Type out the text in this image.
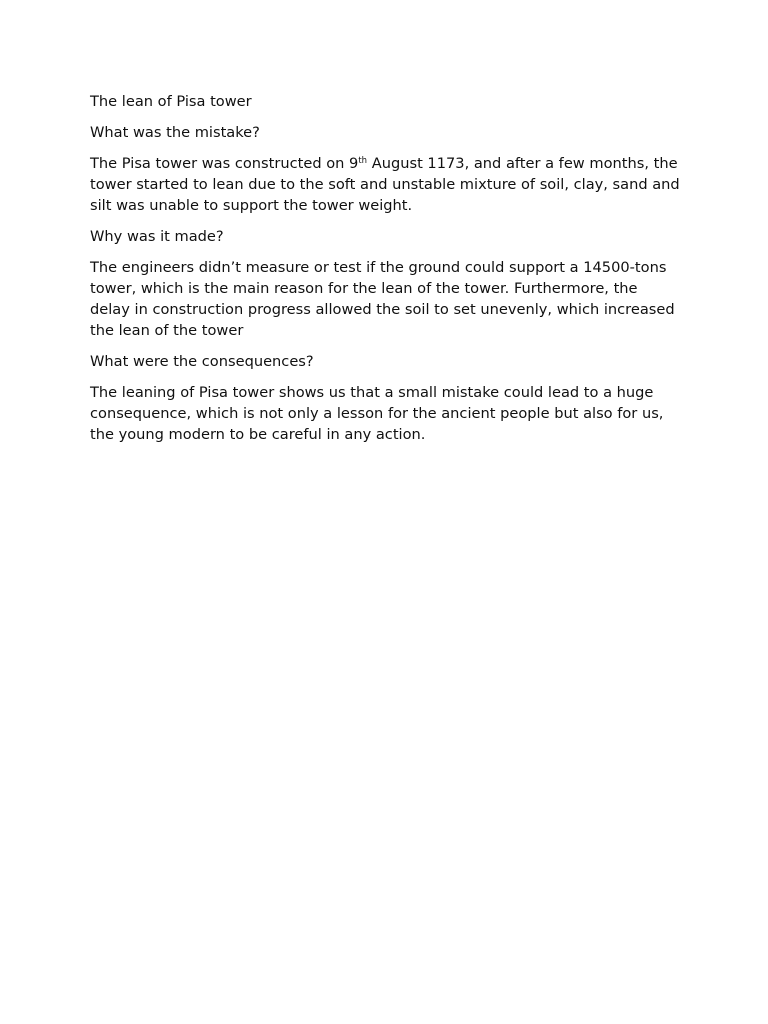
The lean of Pisa tower

What was the mistake?

The Pisa tower was constructed on 9th August 1173, and after a few months, the tower started to lean due to the soft and unstable mixture of soil, clay, sand and silt was unable to support the tower weight.

Why was it made?

The engineers didn’t measure or test if the ground could support a 14500-tons tower, which is the main reason for the lean of the tower. Furthermore, the delay in construction progress allowed the soil to set unevenly, which increased the lean of the tower

What were the consequences?

The leaning of Pisa tower shows us that a small mistake could lead to a huge consequence, which is not only a lesson for the ancient people but also for us, the young modern to be careful in any action.
